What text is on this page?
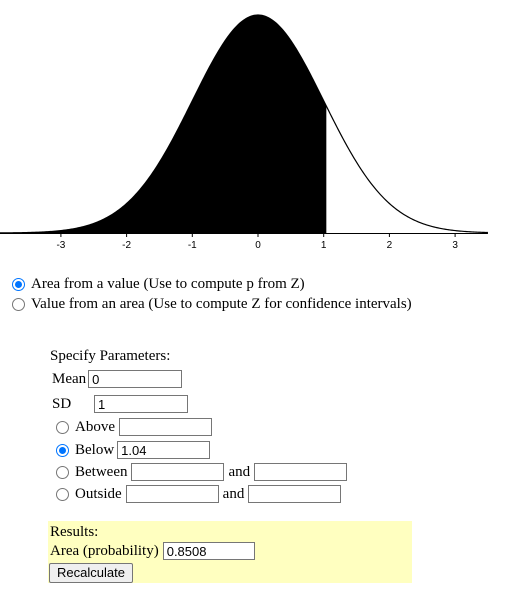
-3	-2	-1	0	1	2	3
Area from a value (Use to compute p from Z)
Value from an area (Use to compute Z for confidence intervals)
Specify Parameters:
Mean
0
SD
1
Above
Below
1.04
Between	and
Outside	and
Results:
Area (probability)
0.8508
Recalculate
